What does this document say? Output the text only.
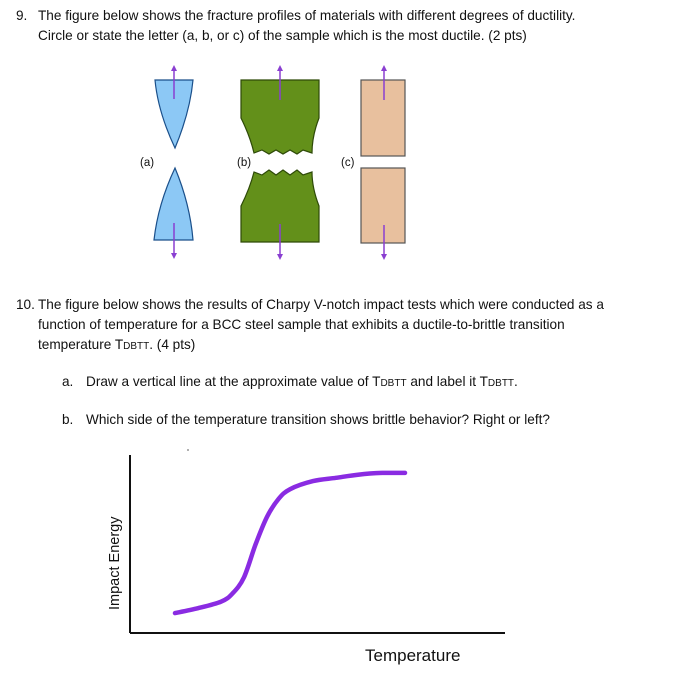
9. The figure below shows the fracture profiles of materials with different degrees of ductility.
Circle or state the letter (a, b, or c) of the sample which is the most ductile. (2 pts)
(a)	(b)	(c)
10. The figure below shows the results of Charpy V-notch impact tests which were conducted as a
function of temperature for a BCC steel sample that exhibits a ductile-to-brittle transition
temperature TDBTT. (4 pts)
a. Draw a vertical line at the approximate value of TDBTT and label it TDBTT.
b. Which side of the temperature transition shows brittle behavior? Right or left?
Temperature
Impact Energy
